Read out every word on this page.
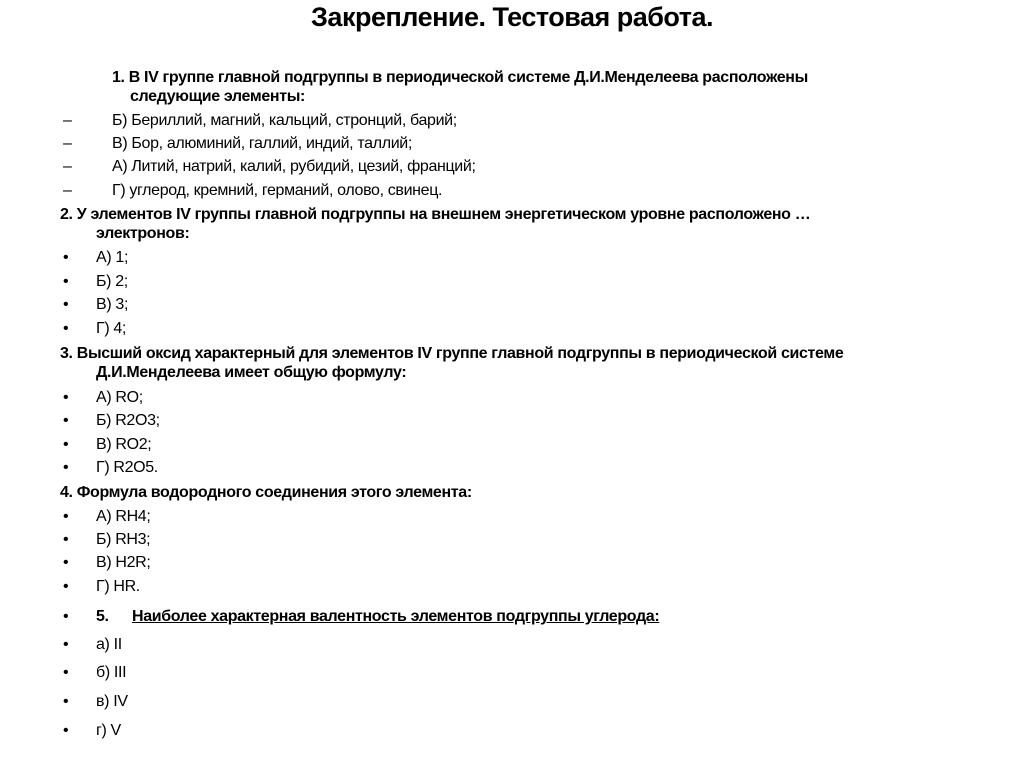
Закрепление. Тестовая работа.
1. В IV группе главной подгруппы в периодической системе Д.И.Менделеева расположены
следующие элементы:
–	Б) Бериллий, магний, кальций, стронций, барий;
–	В) Бор, алюминий, галлий, индий, таллий;
–	А) Литий, натрий, калий, рубидий, цезий, франций;
–	Г) углерод, кремний, германий, олово, свинец.
2. У элементов IV группы главной подгруппы на внешнем энергетическом уровне расположено …
электронов:
• А) 1;
• Б) 2;
• В) 3;
• Г) 4;
3. Высший оксид характерный для элементов IV группе главной подгруппы в периодической системе
Д.И.Менделеева имеет общую формулу:
• А) RO;
• Б) R2O3;
• В) RO2;
• Г) R2O5.
4. Формула водородного соединения этого элемента:
• А) RH4;
• Б) RH3;
• В) H2R;
• Г) HR.
• 5. Наиболее характерная валентность элементов подгруппы углерода:
• а) II
• б) III
• в) IV
• г) V
